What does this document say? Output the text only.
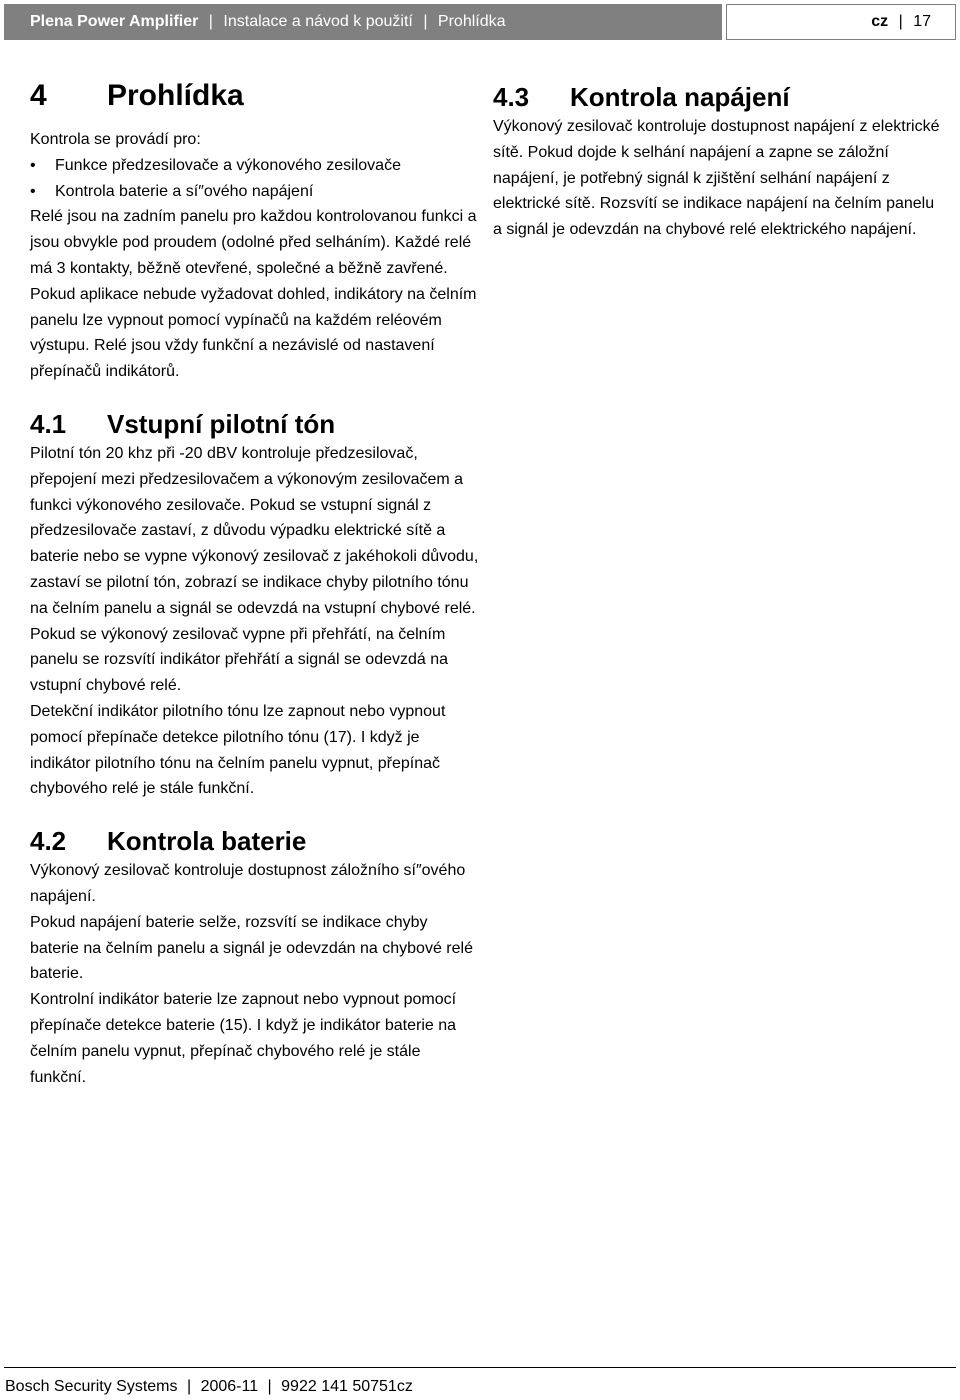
Plena Power Amplifier | Instalace a návod k použití | Prohlídka	cz | 17
4 Prohlídka

Kontrola se provádí pro:

•	Funkce předzesilovače a výkonového zesilovače
•	Kontrola baterie a sí″ového napájení

Relé jsou na zadním panelu pro každou kontrolovanou funkci a jsou obvykle pod proudem (odolné před selháním). Každé relé má 3 kontakty, běžně otevřené, společné a běžně zavřené.

Pokud aplikace nebude vyžadovat dohled, indikátory na čelním panelu lze vypnout pomocí vypínačů na každém reléovém výstupu. Relé jsou vždy funkční a nezávislé od nastavení přepínačů indikátorů.

4.1 Vstupní pilotní tón

Pilotní tón 20 khz při -20 dBV kontroluje předzesilovač, přepojení mezi předzesilovačem a výkonovým zesilovačem a funkci výkonového zesilovače. Pokud se vstupní signál z předzesilovače zastaví, z důvodu výpadku elektrické sítě a baterie nebo se vypne výkonový zesilovač z jakéhokoli důvodu, zastaví se pilotní tón, zobrazí se indikace chyby pilotního tónu na čelním panelu a signál se odevzdá na vstupní chybové relé.

Pokud se výkonový zesilovač vypne při přehřátí, na čelním panelu se rozsvítí indikátor přehřátí a signál se odevzdá na vstupní chybové relé.

Detekční indikátor pilotního tónu lze zapnout nebo vypnout pomocí přepínače detekce pilotního tónu (17). I když je indikátor pilotního tónu na čelním panelu vypnut, přepínač chybového relé je stále funkční.

4.2 Kontrola baterie

Výkonový zesilovač kontroluje dostupnost záložního sí″ového napájení.

Pokud napájení baterie selže, rozsvítí se indikace chyby baterie na čelním panelu a signál je odevzdán na chybové relé baterie.

Kontrolní indikátor baterie lze zapnout nebo vypnout pomocí přepínače detekce baterie (15). I když je indikátor baterie na čelním panelu vypnut, přepínač chybového relé je stále funkční.

4.3 Kontrola napájení

Výkonový zesilovač kontroluje dostupnost napájení z elektrické sítě. Pokud dojde k selhání napájení a zapne se záložní napájení, je potřebný signál k zjištění selhání napájení z elektrické sítě. Rozsvítí se indikace napájení na čelním panelu a signál je odevzdán na chybové relé elektrického napájení.

Bosch Security Systems | 2006-11 | 9922 141 50751cz
